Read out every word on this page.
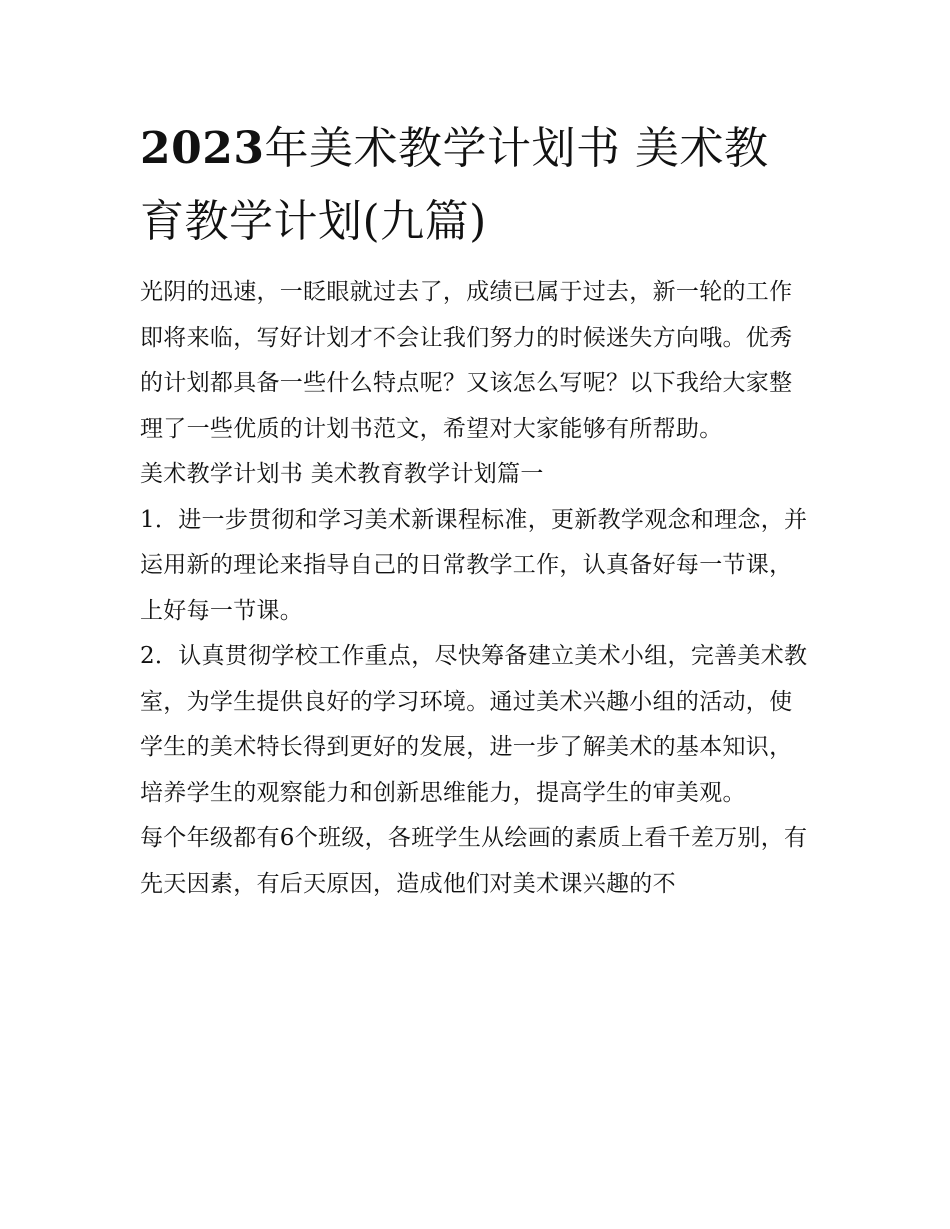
2023年美术教学计划书 美术教育教学计划(九篇)

光阴的迅速，一眨眼就过去了，成绩已属于过去，新一轮的工作即将来临，写好计划才不会让我们努力的时候迷失方向哦。优秀的计划都具备一些什么特点呢？又该怎么写呢？以下我给大家整理了一些优质的计划书范文，希望对大家能够有所帮助。

美术教学计划书 美术教育教学计划篇一

1．进一步贯彻和学习美术新课程标准，更新教学观念和理念，并运用新的理论来指导自己的日常教学工作，认真备好每一节课，上好每一节课。

2．认真贯彻学校工作重点，尽快筹备建立美术小组，完善美术教室，为学生提供良好的学习环境。通过美术兴趣小组的活动，使学生的美术特长得到更好的发展，进一步了解美术的基本知识，培养学生的观察能力和创新思维能力，提高学生的审美观。

每个年级都有6个班级，各班学生从绘画的素质上看千差万别，有先天因素，有后天原因，造成他们对美术课兴趣的不
